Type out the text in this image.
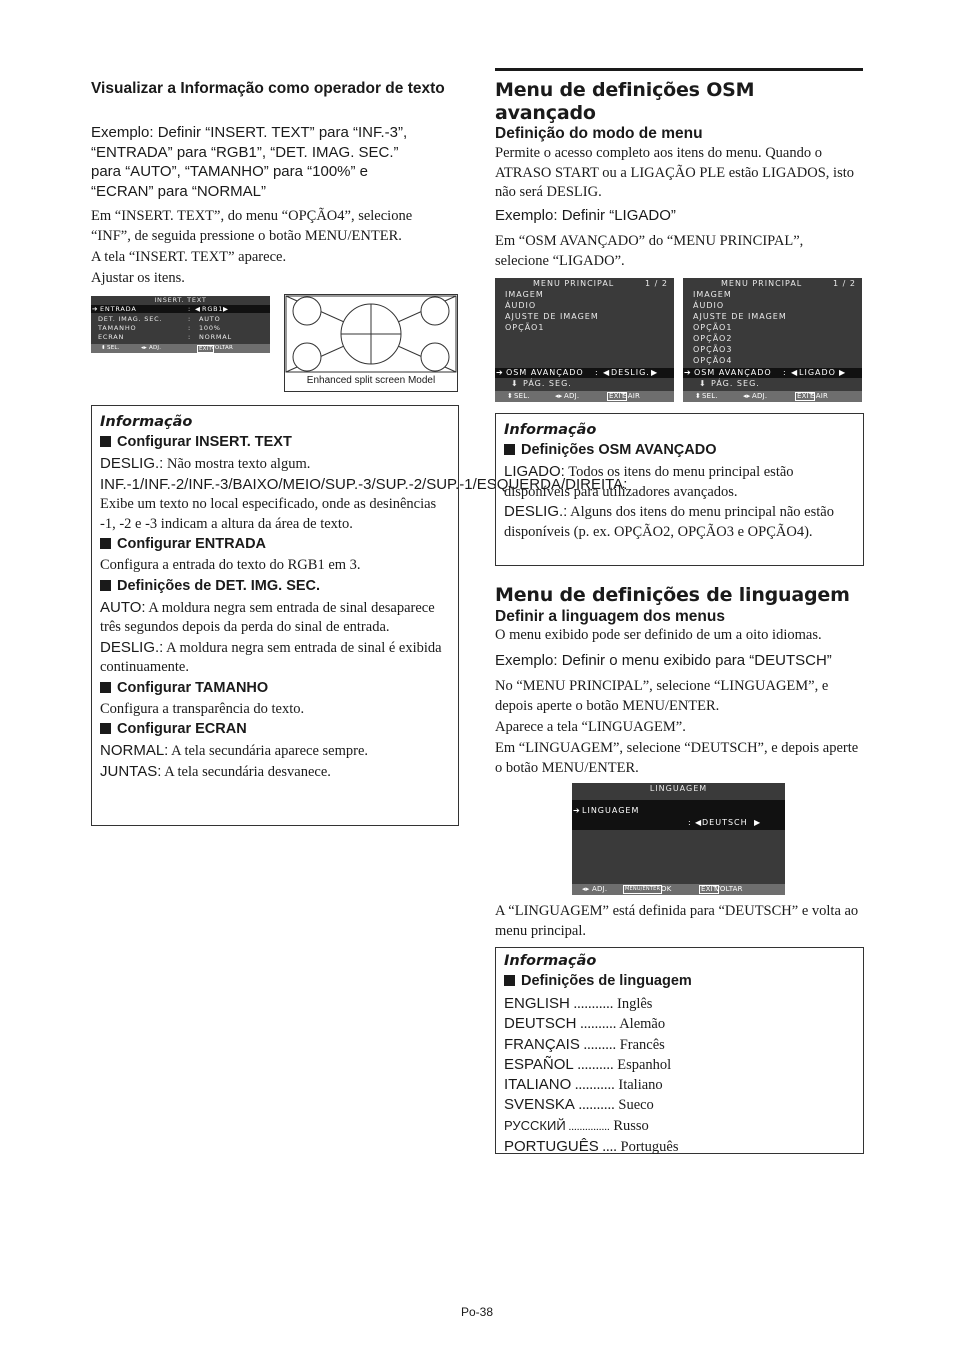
Visualizar a Informação como operador de texto

Exemplo: Definir “INSERT. TEXT” para “INF.-3”,

“ENTRADA” para “RGB1”, “DET. IMAG. SEC.”

para “AUTO”, “TAMANHO” para “100%” e

“ECRAN” para “NORMAL”

Em “INSERT. TEXT”, do menu “OPÇÃO4”, selecione “INF”, de seguida pressione o botão MENU/ENTER.

A tela “INSERT. TEXT” aparece.

Ajustar os itens.

INSERT. TEXT
➔ ENTRADA	: ◀ RGB1 ▶
DET. IMAG. SEC.	: AUTO
TAMANHO	: 100%
ECRAN	: NORMAL
⬍ SEL.	◂▸ ADJ.	EXIT
VOLTAR
Enhanced split screen Model

Informação

Configurar INSERT. TEXT

DESLIG.: Não mostra texto algum.

INF.-1/INF.-2/INF.-3/BAIXO/MEIO/SUP.-3/SUP.-2/SUP.-1/ESQUERDA/DIREITA: Exibe um texto no local especificado, onde as desinências -1, -2 e -3 indicam a altura da área de texto.

Configurar ENTRADA

Configura a entrada do texto do RGB1 em 3.

Definições de DET. IMG. SEC.

AUTO: A moldura negra sem entrada de sinal desaparece três segundos depois da perda do sinal de entrada.

DESLIG.: A moldura negra sem entrada de sinal é exibida continuamente.

Configurar TAMANHO

Configura a transparência do texto.

Configurar ECRAN

NORMAL: A tela secundária aparece sempre.

JUNTAS: A tela secundária desvanece.

Menu de definições OSM

avançado

Definição do modo de menu

Permite o acesso completo aos itens do menu. Quando o ATRASO START ou a LIGAÇÃO PLE estão LIGADOS, isto não será DESLIG.

Exemplo: Definir “LIGADO”

Em “OSM AVANÇADO” do “MENU PRINCIPAL”, selecione “LIGADO”.

MENU PRINCIPAL	1 / 2
IMAGEM
ÁUDIO
AJUSTE DE IMAGEM
OPÇÃO1
➔ OSM AVANÇADO : ◀ DESLIG. ▶
⬇ PÁG. SEG.
⬍ SEL.	◂▸ ADJ.	EXIT
SAIR
MENU PRINCIPAL	1 / 2
IMAGEM
ÁUDIO
AJUSTE DE IMAGEM
OPÇÃO1
OPÇÃO2
OPÇÃO3
OPÇÃO4
➔ OSM AVANÇADO : ◀ LIGADO ▶
⬇ PÁG. SEG.
⬍ SEL.	◂▸ ADJ.	EXIT
SAIR

Informação

Definições OSM AVANÇADO

LIGADO: Todos os itens do menu principal estão disponíveis para utilizadores avançados.

DESLIG.: Alguns dos itens do menu principal não estão disponíveis (p. ex. OPÇÃO2, OPÇÃO3 e OPÇÃO4).

Menu de definições de linguagem

Definir a linguagem dos menus

O menu exibido pode ser definido de um a oito idiomas.

Exemplo: Definir o menu exibido para “DEUTSCH”

No “MENU PRINCIPAL”, selecione “LINGUAGEM”, e depois aperte o botão MENU/ENTER.

Aparece a tela “LINGUAGEM”.

Em “LINGUAGEM”, selecione “DEUTSCH”, e depois aperte o botão MENU/ENTER.

LINGUAGEM
➔ LINGUAGEM
: ◀ DEUTSCH ▶
◂▸ ADJ.	MENU/ENTER OK	EXIT
VOLTAR

A “LINGUAGEM” está definida para “DEUTSCH” e volta ao menu principal.

Informação

Definições de linguagem

ENGLISH ........... Inglês
DEUTSCH .......... Alemão
FRANÇAIS ......... Francês
ESPAÑOL .......... Espanhol
ITALIANO ........... Italiano
SVENSKA .......... Sueco
РУССКИЙ ............... Russo
PORTUGUÊS .... Português
Po-38
